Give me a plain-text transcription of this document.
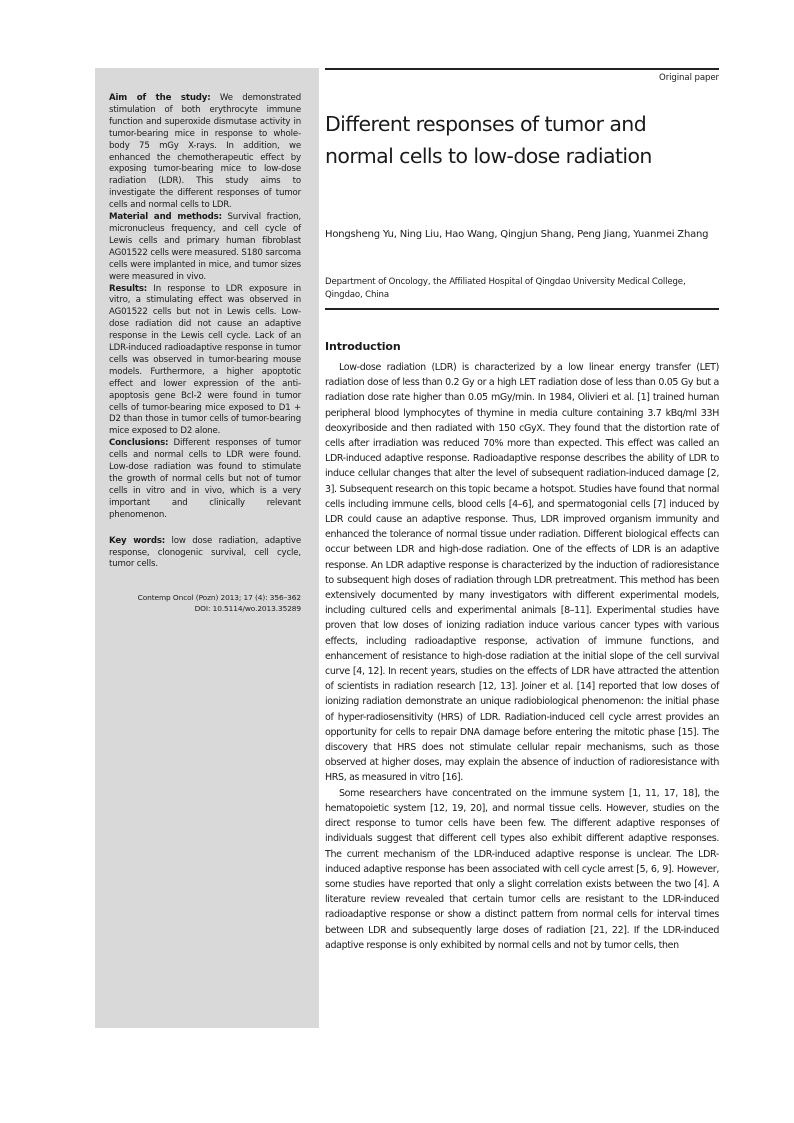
Original paper

Aim of the study: We demonstrated stimulation of both erythrocyte immune function and superoxide dismutase activity in tumor-bearing mice in response to whole-body 75 mGy X-rays. In addition, we enhanced the chemotherapeutic effect by exposing tumor-bearing mice to low-dose radiation (LDR). This study aims to investigate the different responses of tumor cells and normal cells to LDR.
Material and methods: Survival fraction, micronucleus frequency, and cell cycle of Lewis cells and primary human fibroblast AG01522 cells were measured. S180 sarcoma cells were implanted in mice, and tumor sizes were measured in vivo.
Results: In response to LDR exposure in vitro, a stimulating effect was observed in AG01522 cells but not in Lewis cells. Low-dose radiation did not cause an adaptive response in the Lewis cell cycle. Lack of an LDR-induced radioadaptive response in tumor cells was observed in tumor-bearing mouse models. Furthermore, a higher apoptotic effect and lower expression of the anti-apoptosis gene Bcl-2 were found in tumor cells of tumor-bearing mice exposed to D1 + D2 than those in tumor cells of tumor-bearing mice exposed to D2 alone.
Conclusions: Different responses of tumor cells and normal cells to LDR were found. Low-dose radiation was found to stimulate the growth of normal cells but not of tumor cells in vitro and in vivo, which is a very important and clinically relevant phenomenon.

Key words: low dose radiation, adaptive response, clonogenic survival, cell cycle, tumor cells.

Contemp Oncol (Pozn) 2013; 17 (4): 356–362
DOI: 10.5114/wo.2013.35289
Different responses of tumor and normal cells to low-dose radiation
Hongsheng Yu, Ning Liu, Hao Wang, Qingjun Shang, Peng Jiang, Yuanmei Zhang
Department of Oncology, the Affiliated Hospital of Qingdao University Medical College, Qingdao, China
Introduction

Low-dose radiation (LDR) is characterized by a low linear energy transfer (LET) radiation dose of less than 0.2 Gy or a high LET radiation dose of less than 0.05 Gy but a radiation dose rate higher than 0.05 mGy/min. In 1984, Olivieri et al. [1] trained human peripheral blood lymphocytes of thymine in media culture containing 3.7 kBq/ml 33H deoxyriboside and then radiated with 150 cGyX. They found that the distortion rate of cells after irradiation was reduced 70% more than expected. This effect was called an LDR-induced adaptive response. Radioadaptive response describes the ability of LDR to induce cellular changes that alter the level of subsequent radiation-induced damage [2, 3]. Subsequent research on this topic became a hotspot. Studies have found that normal cells including immune cells, blood cells [4–6], and spermatogonial cells [7] induced by LDR could cause an adaptive response. Thus, LDR improved organism immunity and enhanced the tolerance of normal tissue under radiation. Different biological effects can occur between LDR and high-dose radiation. One of the effects of LDR is an adaptive response. An LDR adaptive response is characterized by the induction of radioresistance to subsequent high doses of radiation through LDR pretreatment. This method has been extensively documented by many investigators with different experimental models, including cultured cells and experimental animals [8–11]. Experimental studies have proven that low doses of ionizing radiation induce various cancer types with various effects, including radioadaptive response, activation of immune functions, and enhancement of resistance to high-dose radiation at the initial slope of the cell survival curve [4, 12]. In recent years, studies on the effects of LDR have attracted the attention of scientists in radiation research [12, 13]. Joiner et al. [14] reported that low doses of ionizing radiation demonstrate an unique radiobiological phenomenon: the initial phase of hyper-radiosensitivity (HRS) of LDR. Radiation-induced cell cycle arrest provides an opportunity for cells to repair DNA damage before entering the mitotic phase [15]. The discovery that HRS does not stimulate cellular repair mechanisms, such as those observed at higher doses, may explain the absence of induction of radioresistance with HRS, as measured in vitro [16].

Some researchers have concentrated on the immune system [1, 11, 17, 18], the hematopoietic system [12, 19, 20], and normal tissue cells. However, studies on the direct response to tumor cells have been few. The different adaptive responses of individuals suggest that different cell types also exhibit different adaptive responses. The current mechanism of the LDR-induced adaptive response is unclear. The LDR-induced adaptive response has been associated with cell cycle arrest [5, 6, 9]. However, some studies have reported that only a slight correlation exists between the two [4]. A literature review revealed that certain tumor cells are resistant to the LDR-induced radioadaptive response or show a distinct pattern from normal cells for interval times between LDR and subsequently large doses of radiation [21, 22]. If the LDR-induced adaptive response is only exhibited by normal cells and not by tumor cells, then
